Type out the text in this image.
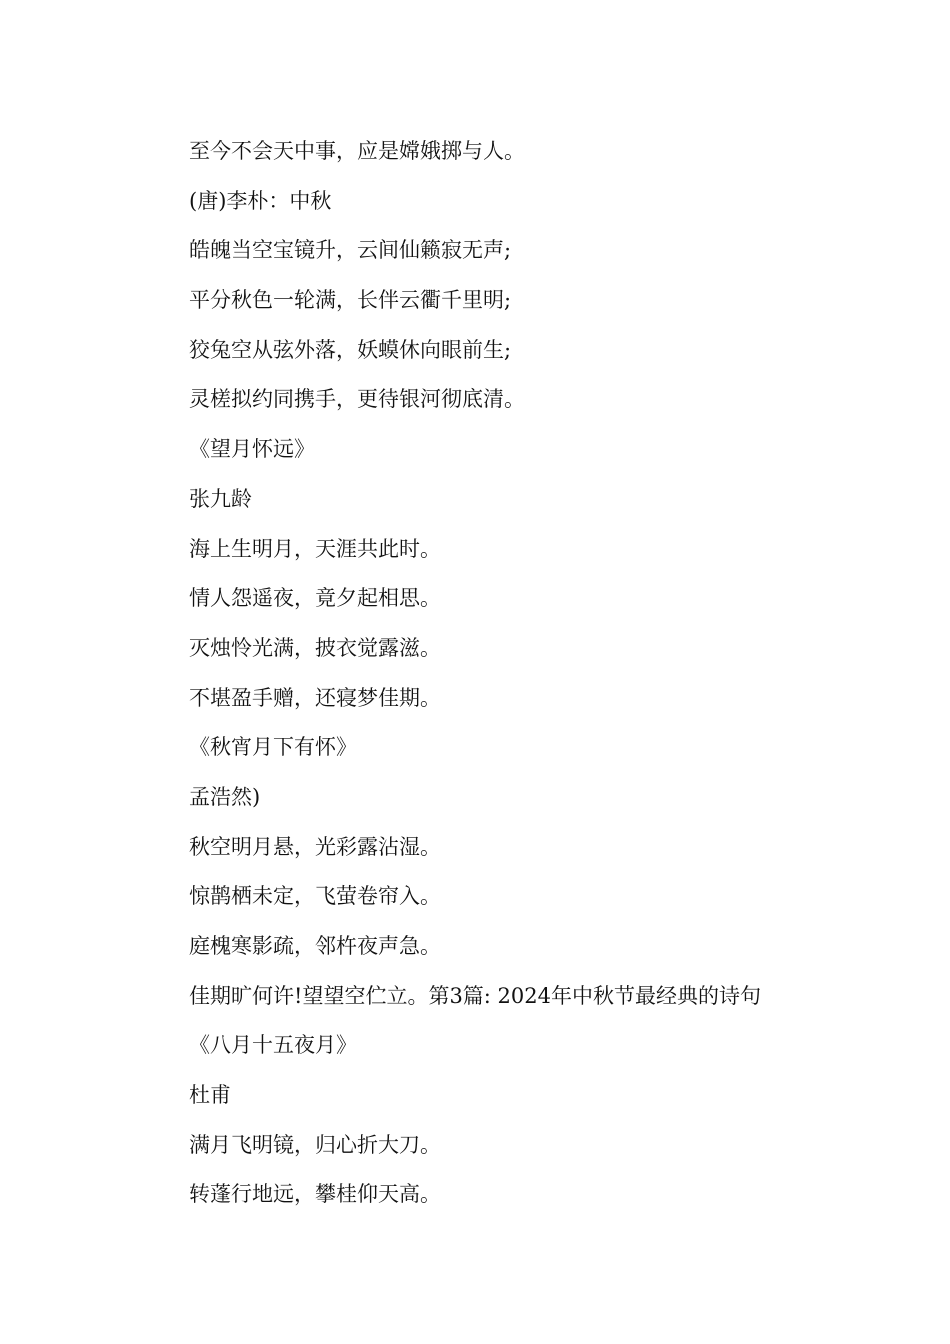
至今不会天中事，应是嫦娥掷与人。
(唐)李朴：中秋
皓魄当空宝镜升，云间仙籁寂无声;
平分秋色一轮满，长伴云衢千里明;
狡兔空从弦外落，妖蟆休向眼前生;
灵槎拟约同携手，更待银河彻底清。
《望月怀远》
张九龄
海上生明月，天涯共此时。
情人怨遥夜，竟夕起相思。
灭烛怜光满，披衣觉露滋。
不堪盈手赠，还寝梦佳期。
《秋宵月下有怀》
孟浩然)
秋空明月悬，光彩露沾湿。
惊鹊栖未定，飞萤卷帘入。
庭槐寒影疏，邻杵夜声急。
佳期旷何许!望望空伫立。第3篇: 2024年中秋节最经典的诗句
《八月十五夜月》
杜甫
满月飞明镜，归心折大刀。
转蓬行地远，攀桂仰天高。
